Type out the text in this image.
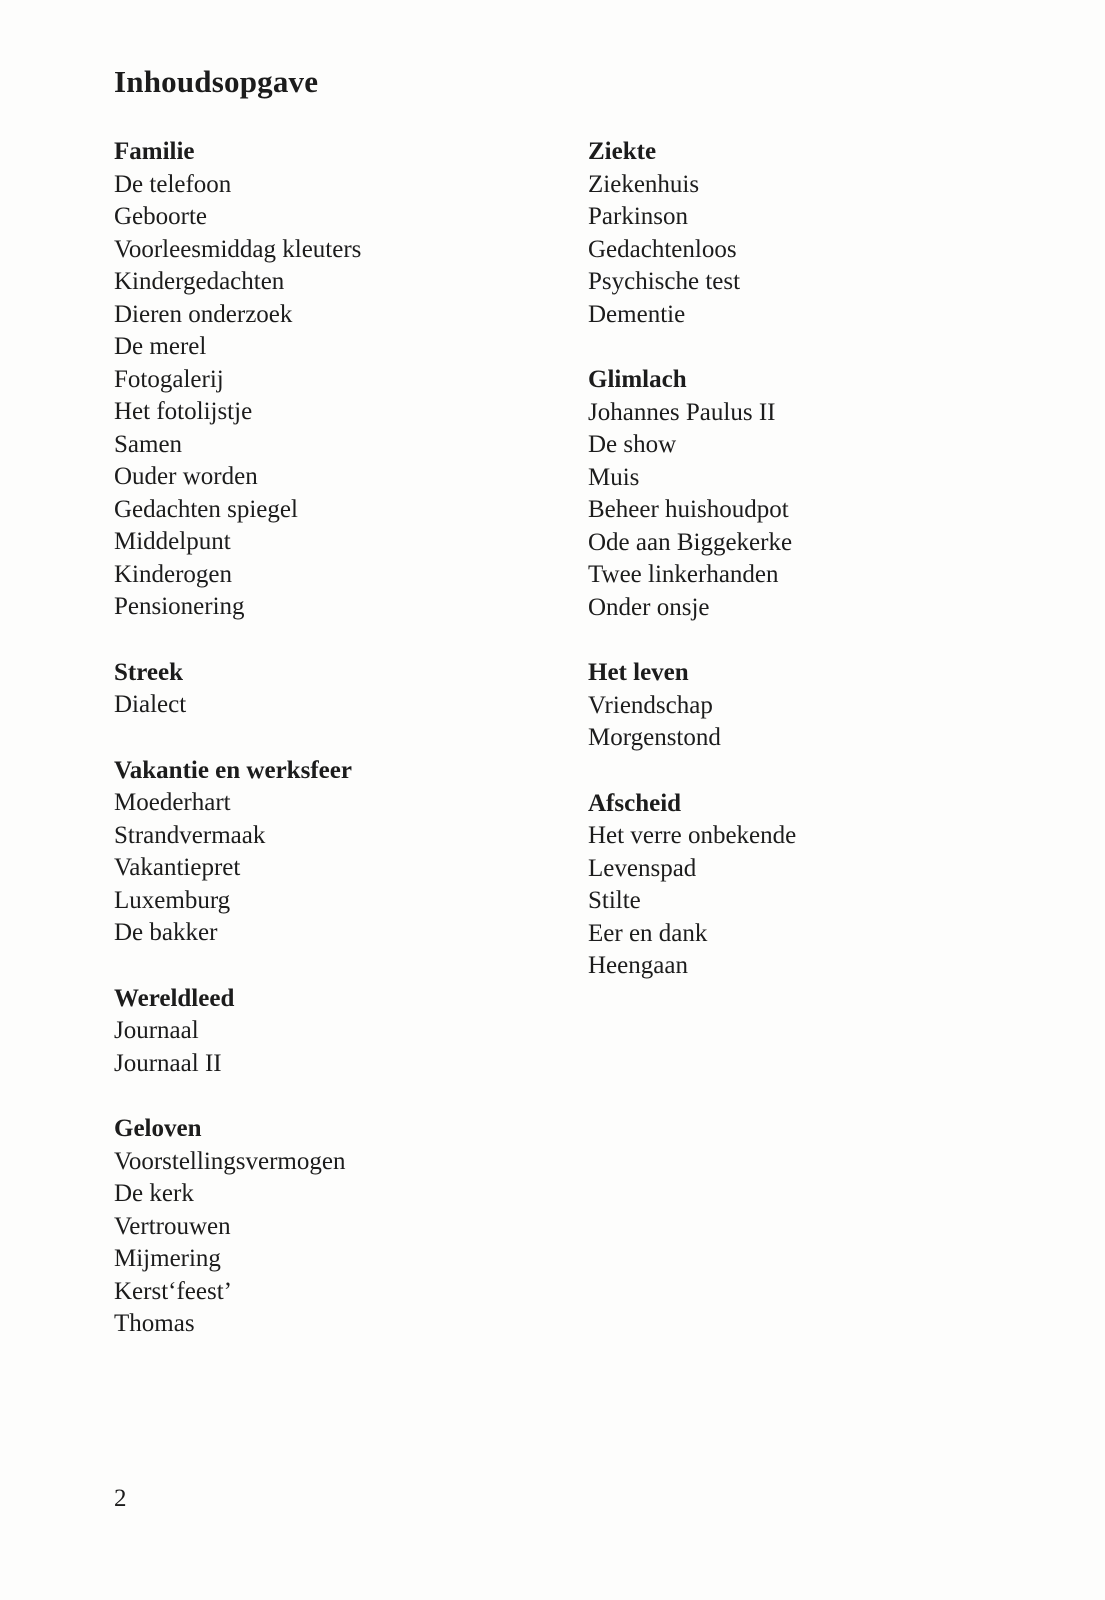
Inhoudsopgave
Familie
De telefoon
Geboorte
Voorleesmiddag kleuters
Kindergedachten
Dieren onderzoek
De merel
Fotogalerij
Het fotolijstje
Samen
Ouder worden
Gedachten spiegel
Middelpunt
Kinderogen
Pensionering
Streek
Dialect
Vakantie en werksfeer
Moederhart
Strandvermaak
Vakantiepret
Luxemburg
De bakker
Wereldleed
Journaal
Journaal II
Geloven
Voorstellingsvermogen
De kerk
Vertrouwen
Mijmering
Kerst‘feest’
Thomas
Ziekte
Ziekenhuis
Parkinson
Gedachtenloos
Psychische test
Dementie
Glimlach
Johannes Paulus II
De show
Muis
Beheer huishoudpot
Ode aan Biggekerke
Twee linkerhanden
Onder onsje
Het leven
Vriendschap
Morgenstond
Afscheid
Het verre onbekende
Levenspad
Stilte
Eer en dank
Heengaan
2
